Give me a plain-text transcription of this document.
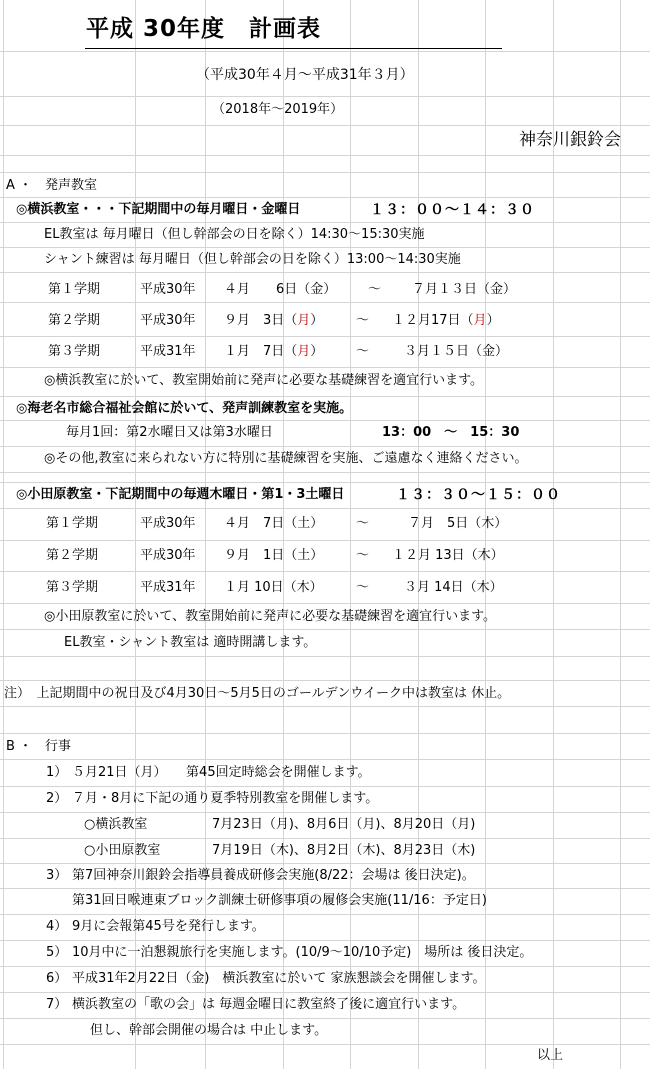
平成 30年度　計画表
（平成30年４月～平成31年３月）
（2018年～2019年）
神奈川銀鈴会
A ・　発声教室
◎横浜教室・・・下記期間中の毎月曜日・金曜日	１３：００～１４：３０
EL教室は 毎月曜日（但し幹部会の日を除く）14:30～15:30実施
シャント練習は 毎月曜日（但し幹部会の日を除く）13:00～14:30実施
第１学期	平成30年 ４月　　6日（金） ～ ７月１３日（金）
第２学期	平成30年 ９月　3日（月）	～ １２月17日（月）
第３学期	平成31年 １月　7日（月）	～	３月１５日（金）
◎横浜教室に於いて、教室開始前に発声に必要な基礎練習を適宜行います。
◎海老名市総合福祉会館に於いて、発声訓練教室を実施。
毎月1回：第2水曜日又は第3水曜日	13：00　～　15：30
◎その他,教室に来られない方に特別に基礎練習を実施、ご遠慮なく連絡ください。
◎小田原教室・下記期間中の毎週木曜日・第1・3土曜日	１３：３０～１５：００
第１学期	平成30年 ４月　7日（土）	～	７月　5日（木）
第２学期	平成30年 ９月　1日（土）	～ １２月 13日（木）
第３学期	平成31年 １月 10日（木）	～	３月 14日（木）
◎小田原教室に於いて、教室開始前に発声に必要な基礎練習を適宜行います。
EL教室・シャント教室は 適時開講します。
注）　上記期間中の祝日及び4月30日～5月5日のゴールデンウイーク中は教室は 休止。
B ・　行事
1） ５月21日（月）　　第45回定時総会を開催します。
2） ７月・8月に下記の通り夏季特別教室を開催します。
○横浜教室	7月23日（月)、8月6日（月)、8月20日（月)
○小田原教室	7月19日（木)、8月2日（木)、8月23日（木)
3） 第7回神奈川銀鈴会指導員養成研修会実施(8/22：会場は 後日決定)。
第31回日喉連東ブロック訓練士研修事項の履修会実施(11/16：予定日)
4） 9月に会報第45号を発行します。
5） 10月中に一泊懇親旅行を実施します。(10/9～10/10予定)　場所は 後日決定。
6） 平成31年2月22日（金)　横浜教室に於いて 家族懇談会を開催します。
7） 横浜教室の「歌の会」は 毎週金曜日に教室終了後に適宜行います。
但し、幹部会開催の場合は 中止します。
以上
